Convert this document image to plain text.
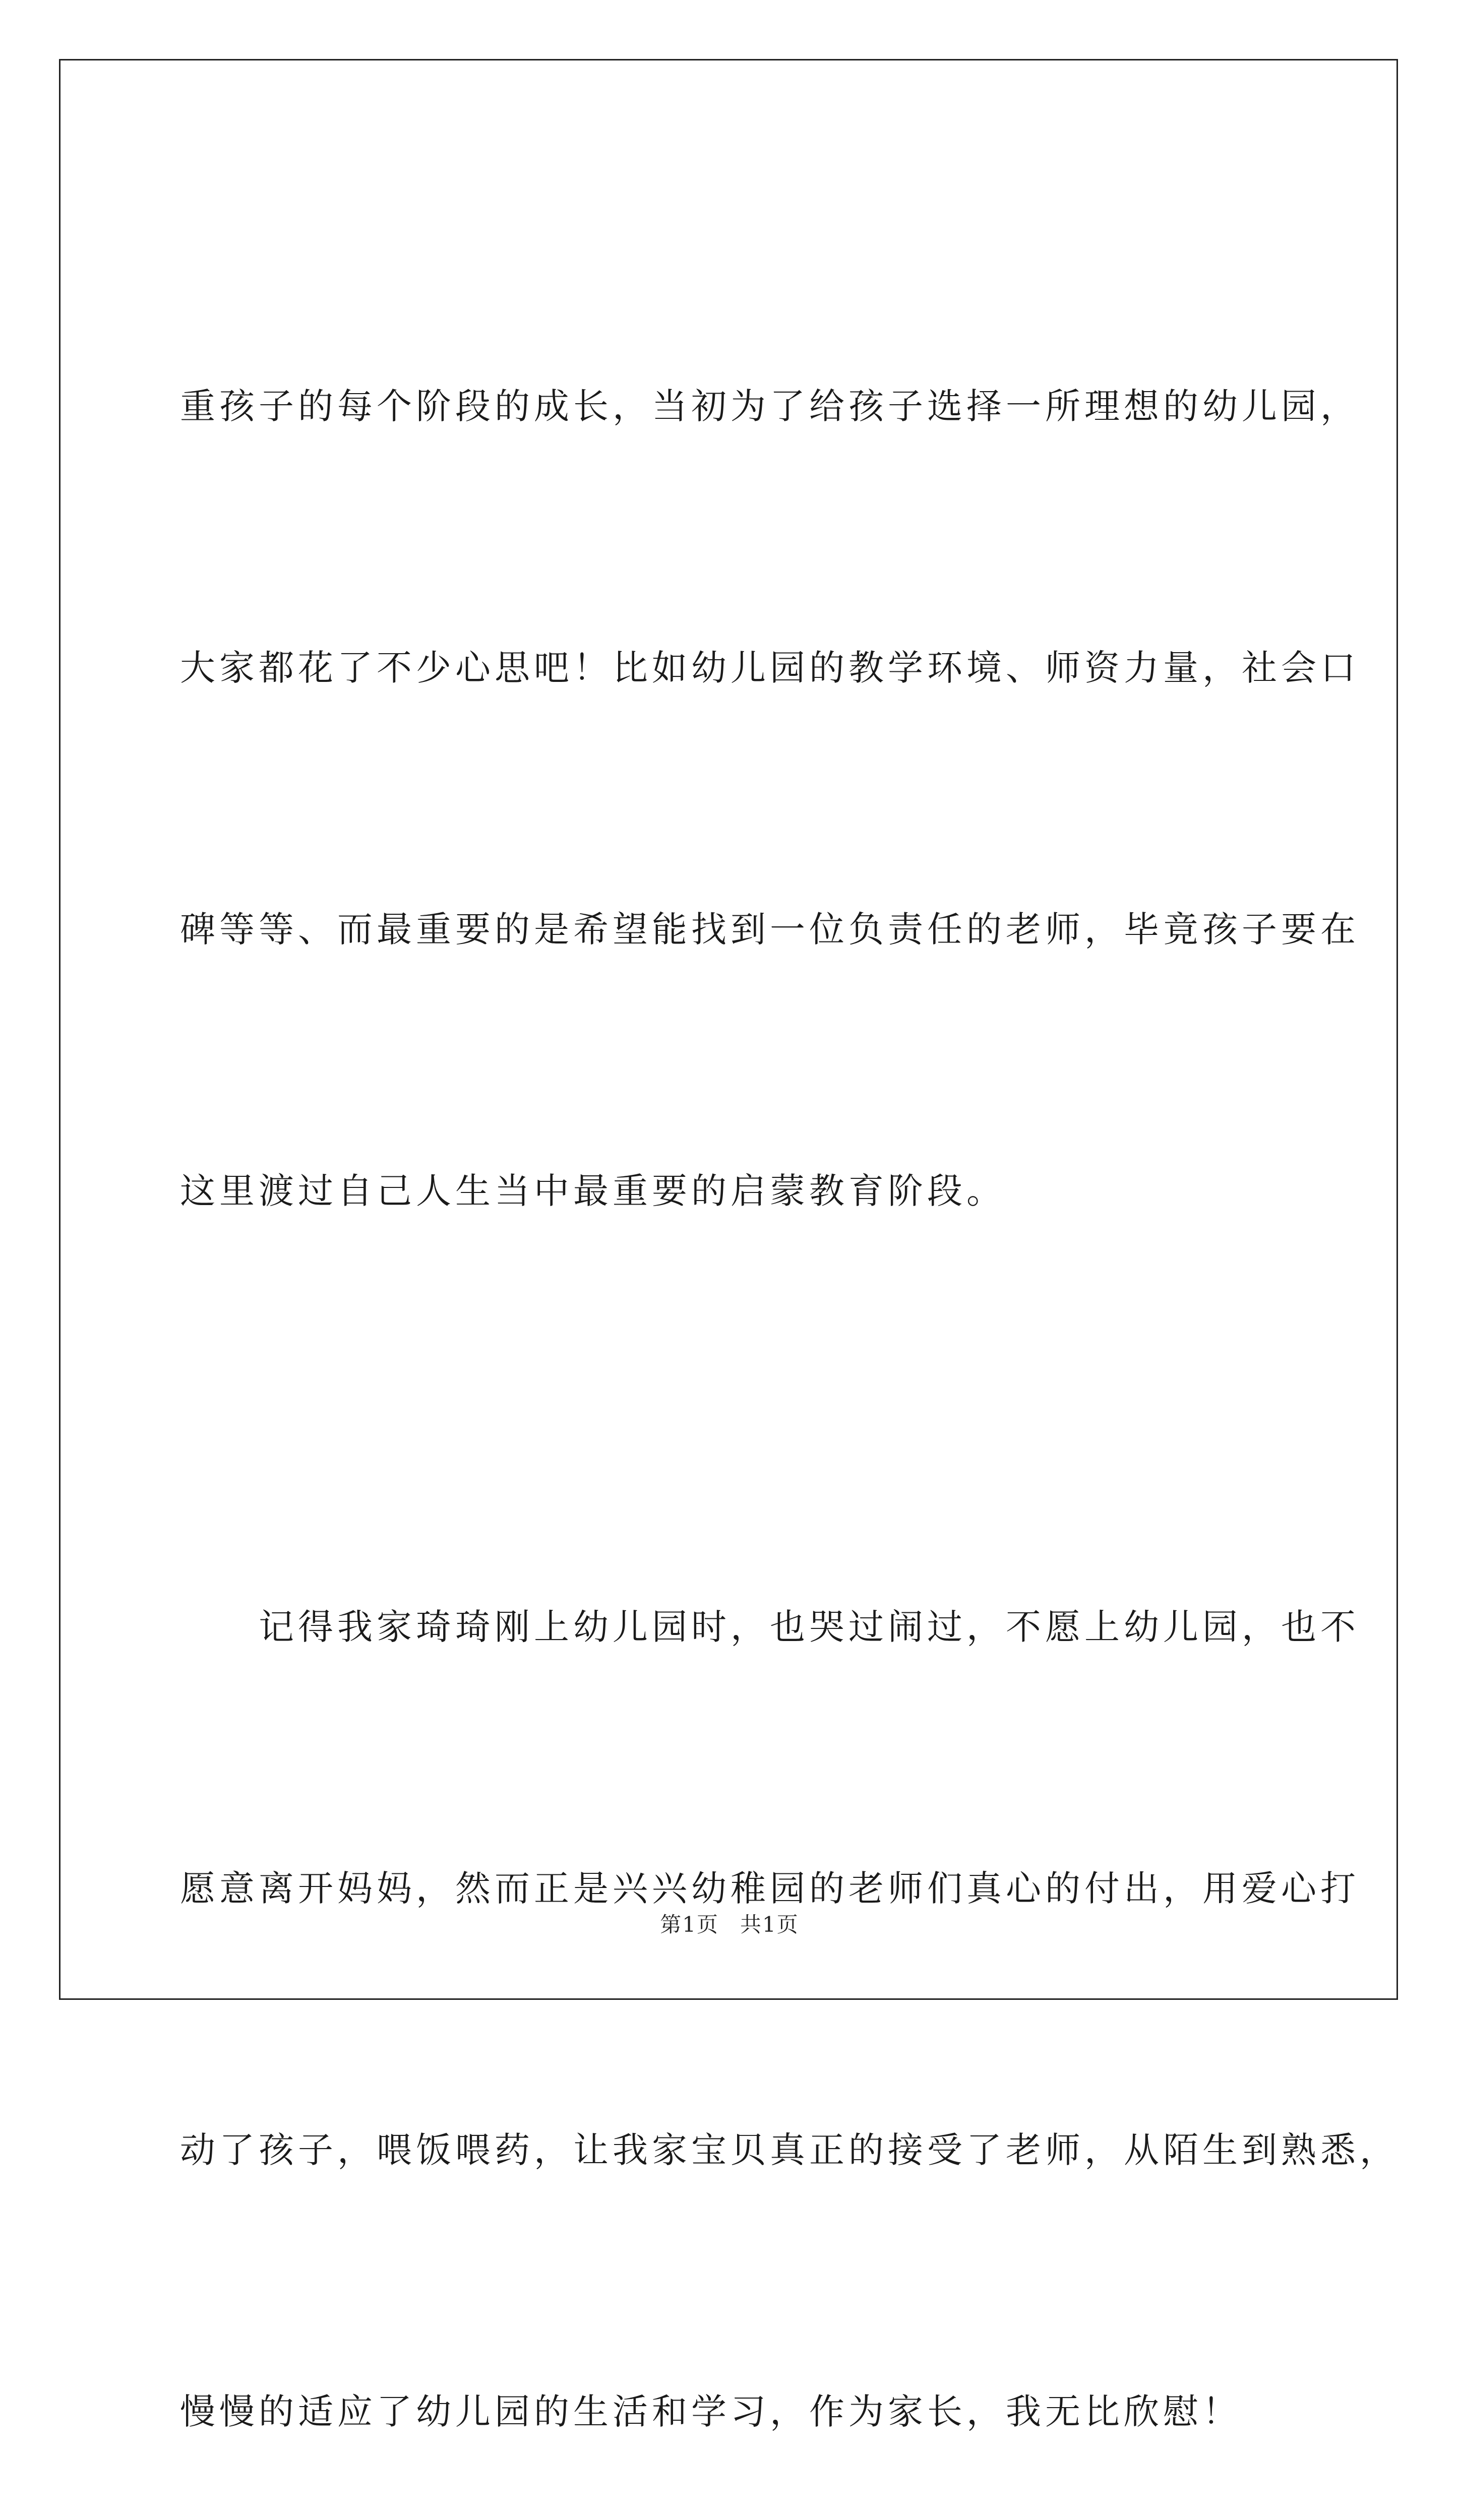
重孩子的每个阶段的成长，当初为了给孩子选择一所理想的幼儿园，

大家都花了不少心思吧！比如幼儿园的教学环境、师资力量，社会口

碑等等、而最重要的是希望能找到一位负责任的老师，毕竟孩子要在

这里渡过自己人生当中最重要的启蒙教育阶段。

　　记得我家琦琦刚上幼儿园时，也哭过闹过，不愿上幼儿园，也不

愿意离开妈妈，然而正是兴兴幼稚园的老师们真心的付出，用爱心打

动了孩子，喂饭喂药，让我家宝贝真正的接受了老师，从陌生到熟悉，

慢慢的适应了幼儿园的生活和学习，作为家长，我无比欣慰！

第1页 共1页
